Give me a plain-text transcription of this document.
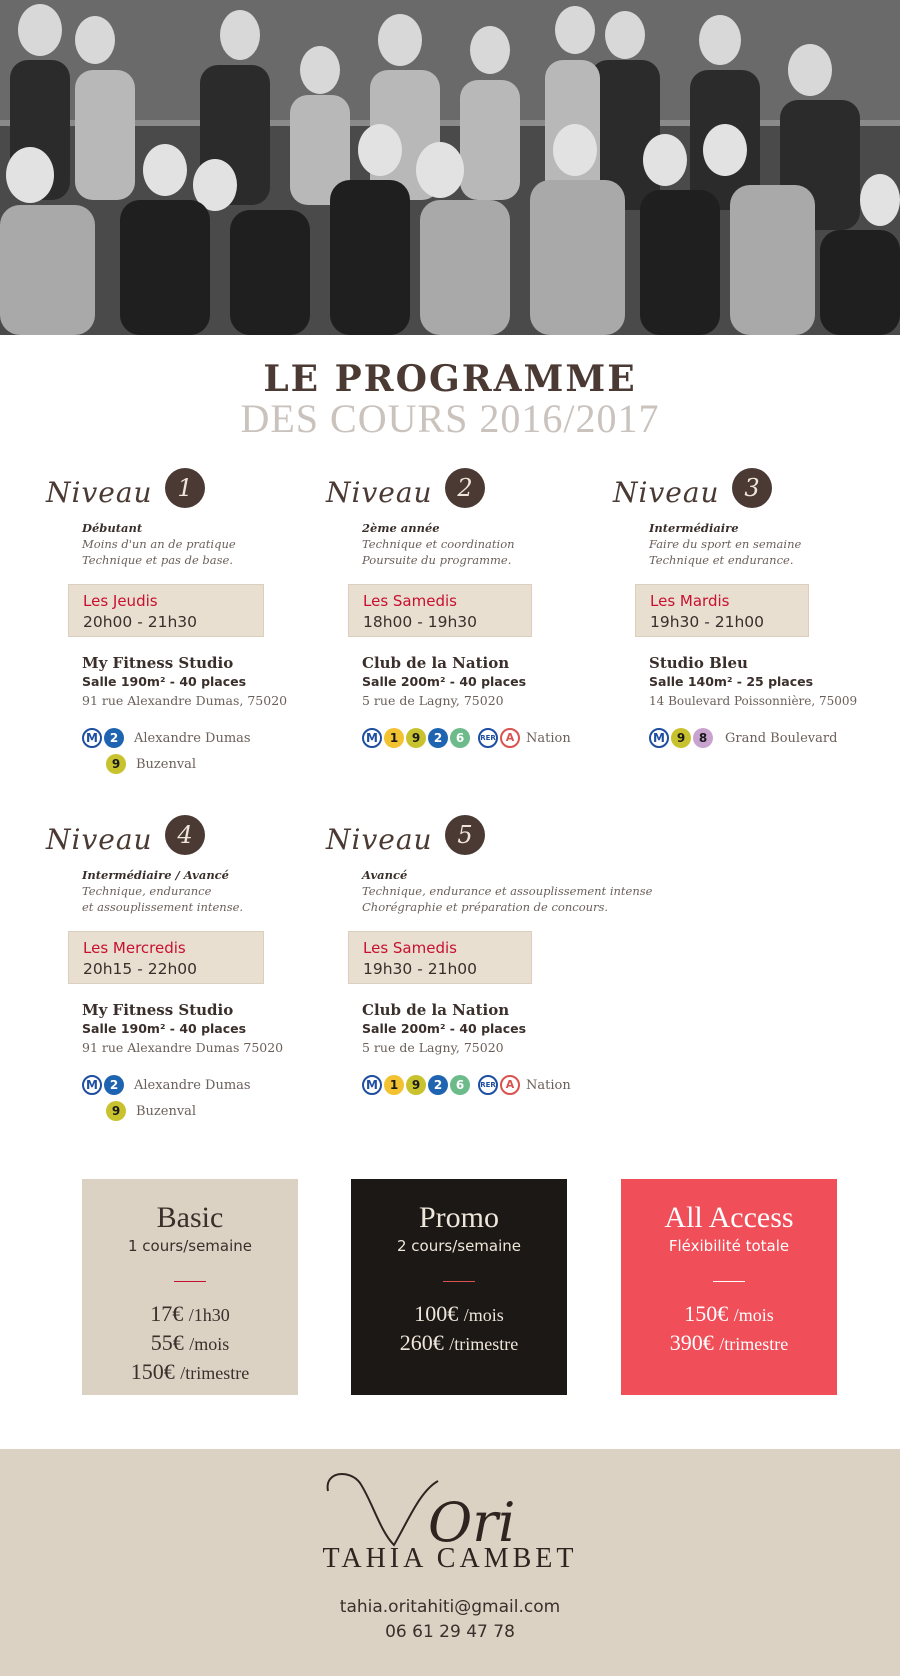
LE PROGRAMME
DES COURS 2016/2017
Niveau	1
Débutant
Moins d'un an de pratique
Technique et pas de base.
Les Jeudis
20h00 - 21h30
My Fitness Studio
Salle 190m² - 40 places
91 rue Alexandre Dumas, 75020
M 2	Alexandre Dumas
9	Buzenval
Niveau	2
2ème année
Technique et coordination
Poursuite du programme.
Les Samedis
18h00 - 19h30
Club de la Nation
Salle 200m² - 40 places
5 rue de Lagny, 75020
M 1	9	2	6	RER A Nation
Niveau	3
Intermédiaire
Faire du sport en semaine
Technique et endurance.
Les Mardis
19h30 - 21h00
Studio Bleu
Salle 140m² - 25 places
14 Boulevard Poissonnière, 75009
M 9	8	Grand Boulevard
Niveau	4
Intermédiaire / Avancé
Technique, endurance
et assouplissement intense.
Les Mercredis
20h15 - 22h00
My Fitness Studio
Salle 190m² - 40 places
91 rue Alexandre Dumas 75020
M 2	Alexandre Dumas
9	Buzenval
Niveau	5
Avancé
Technique, endurance et assouplissement intense
Chorégraphie et préparation de concours.
Les Samedis
19h30 - 21h00
Club de la Nation
Salle 200m² - 40 places
5 rue de Lagny, 75020
M 1	9	2	6	RER A Nation
Basic
1 cours/semaine
17€ /1h30
55€ /mois
150€ /trimestre
Promo
2 cours/semaine
100€ /mois
260€ /trimestre
All Access
Fléxibilité totale
150€ /mois
390€ /trimestre
Ori
TAHIA CAMBET
tahia.oritahiti@gmail.com
06 61 29 47 78
